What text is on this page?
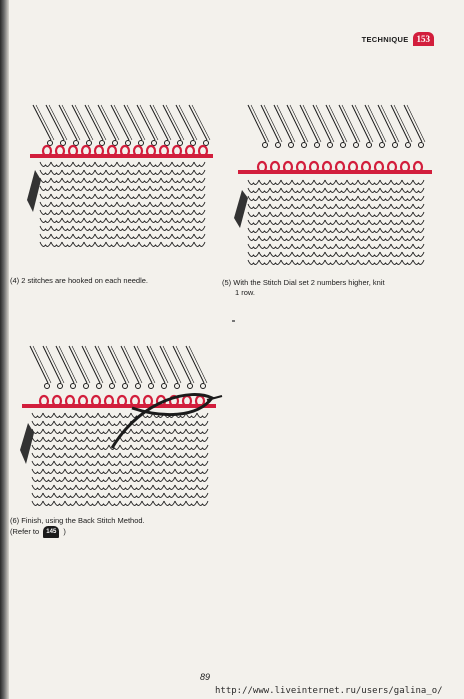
TECHNIQUE 153
(4) 2 stitches are hooked on each needle.	(5) With the Stitch Dial set 2 numbers higher, knit
1 row.
(6) Finish, using the Back Stitch Method.
(Refer to 145 )
89
http://www.liveinternet.ru/users/galina_o/
